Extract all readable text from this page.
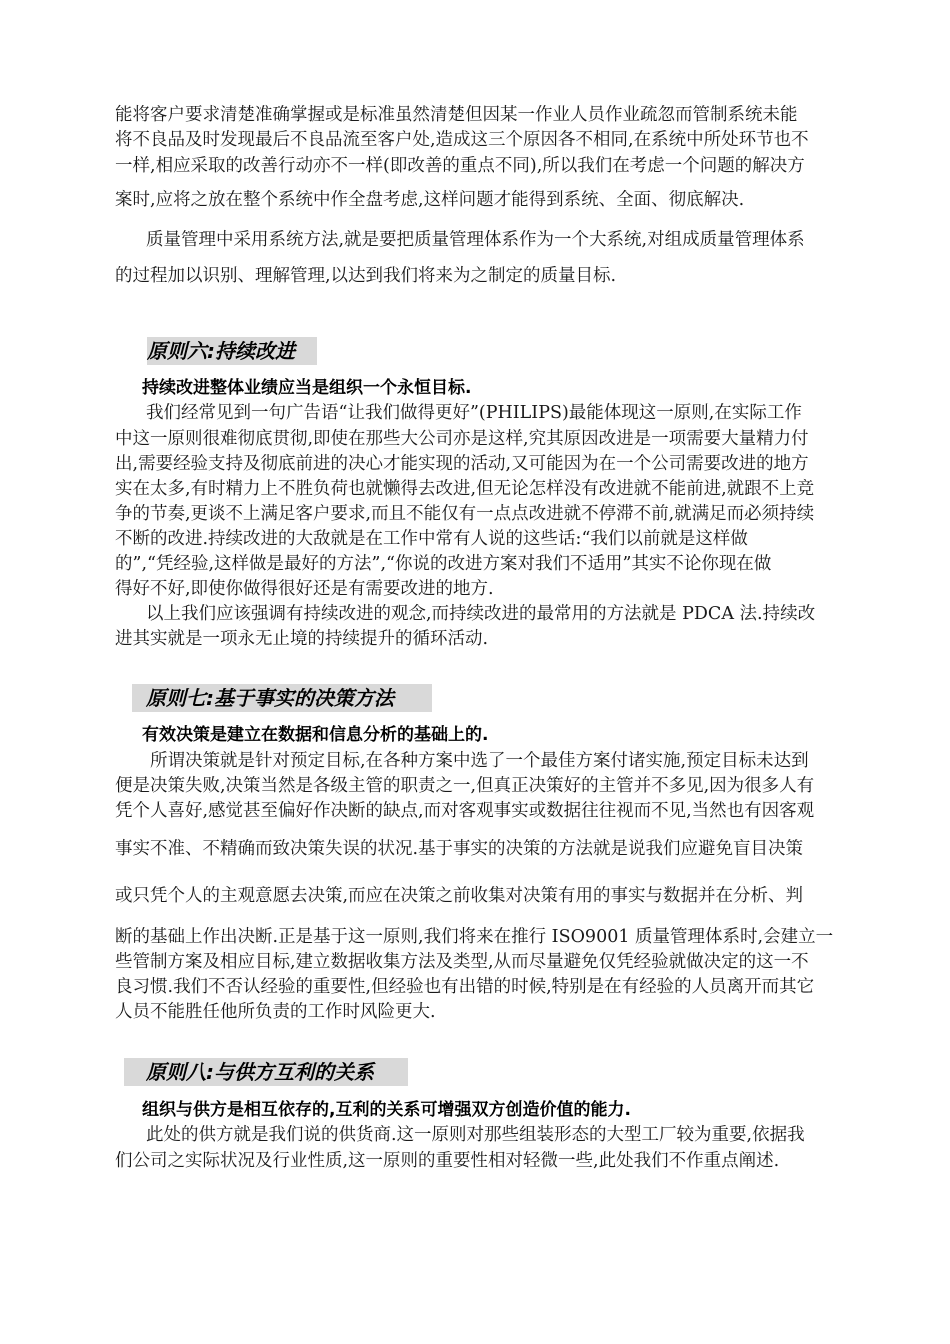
能将客户要求清楚准确掌握或是标准虽然清楚但因某一作业人员作业疏忽而管制系统未能
将不良品及时发现最后不良品流至客户处,造成这三个原因各不相同,在系统中所处环节也不
一样,相应采取的改善行动亦不一样(即改善的重点不同),所以我们在考虑一个问题的解决方
案时,应将之放在整个系统中作全盘考虑,这样问题才能得到系统、全面、彻底解决.
质量管理中采用系统方法,就是要把质量管理体系作为一个大系统,对组成质量管理体系
的过程加以识别、理解管理,以达到我们将来为之制定的质量目标.
原则六:持续改进
持续改进整体业绩应当是组织一个永恒目标.
我们经常见到一句广告语“让我们做得更好”(PHILIPS)最能体现这一原则,在实际工作
中这一原则很难彻底贯彻,即使在那些大公司亦是这样,究其原因改进是一项需要大量精力付
出,需要经验支持及彻底前进的决心才能实现的活动,又可能因为在一个公司需要改进的地方
实在太多,有时精力上不胜负荷也就懒得去改进,但无论怎样没有改进就不能前进,就跟不上竞
争的节奏,更谈不上满足客户要求,而且不能仅有一点点改进就不停滞不前,就满足而必须持续
不断的改进.持续改进的大敌就是在工作中常有人说的这些话:“我们以前就是这样做
的”,“凭经验,这样做是最好的方法”,“你说的改进方案对我们不适用”其实不论你现在做
得好不好,即使你做得很好还是有需要改进的地方.
以上我们应该强调有持续改进的观念,而持续改进的最常用的方法就是 PDCA 法.持续改
进其实就是一项永无止境的持续提升的循环活动.
原则七:基于事实的决策方法
有效决策是建立在数据和信息分析的基础上的.
所谓决策就是针对预定目标,在各种方案中选了一个最佳方案付诸实施,预定目标未达到
便是决策失败,决策当然是各级主管的职责之一,但真正决策好的主管并不多见,因为很多人有
凭个人喜好,感觉甚至偏好作决断的缺点,而对客观事实或数据往往视而不见,当然也有因客观
事实不准、不精确而致决策失误的状况.基于事实的决策的方法就是说我们应避免盲目决策
或只凭个人的主观意愿去决策,而应在决策之前收集对决策有用的事实与数据并在分析、判
断的基础上作出决断.正是基于这一原则,我们将来在推行 ISO9001 质量管理体系时,会建立一
些管制方案及相应目标,建立数据收集方法及类型,从而尽量避免仅凭经验就做决定的这一不
良习惯.我们不否认经验的重要性,但经验也有出错的时候,特别是在有经验的人员离开而其它
人员不能胜任他所负责的工作时风险更大.
原则八:与供方互利的关系
组织与供方是相互依存的,互利的关系可增强双方创造价值的能力.
此处的供方就是我们说的供货商.这一原则对那些组装形态的大型工厂较为重要,依据我
们公司之实际状况及行业性质,这一原则的重要性相对轻微一些,此处我们不作重点阐述.
